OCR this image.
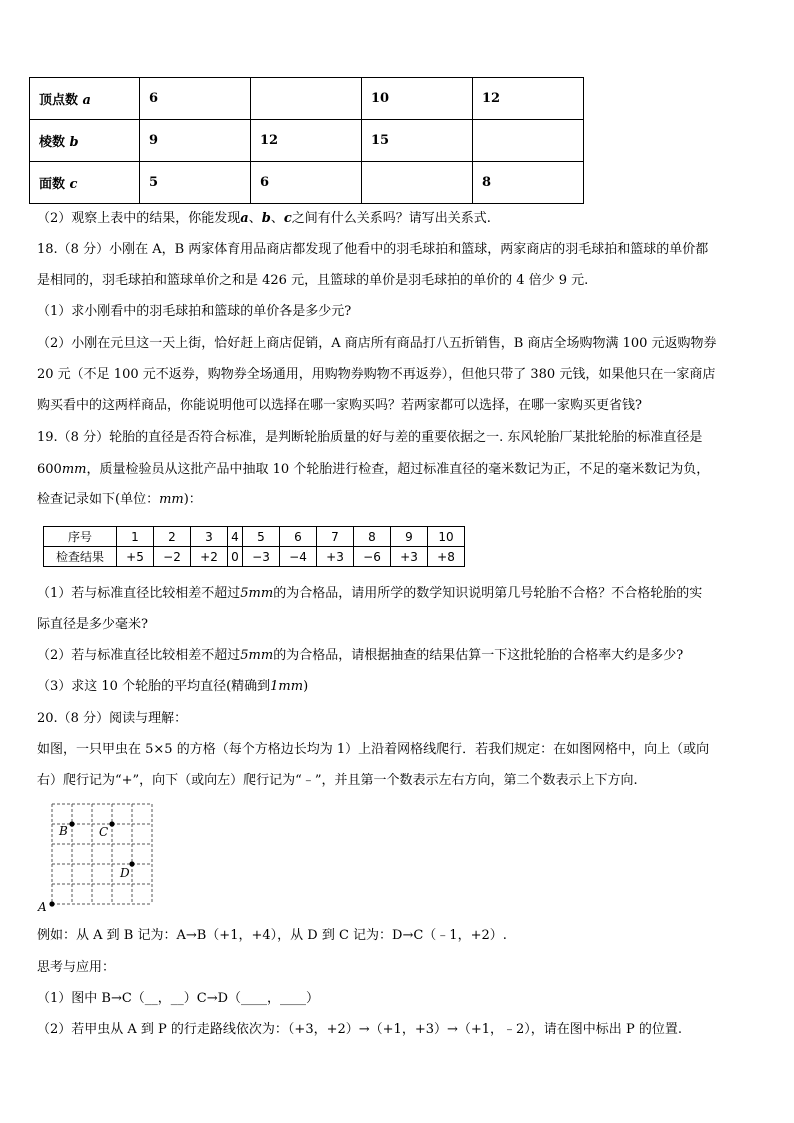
顶点数 a	6		10	12
棱数 b	9	12	15	
面数 c	5	6		8
（2）观察上表中的结果，你能发现a、b、c之间有什么关系吗？请写出关系式.
18.（8 分）小刚在 A，B 两家体育用品商店都发现了他看中的羽毛球拍和篮球，两家商店的羽毛球拍和篮球的单价都
是相同的，羽毛球拍和篮球单价之和是 426 元，且篮球的单价是羽毛球拍的单价的 4 倍少 9 元.
（1）求小刚看中的羽毛球拍和篮球的单价各是多少元?
（2）小刚在元旦这一天上街，恰好赶上商店促销，A 商店所有商品打八五折销售，B 商店全场购物满 100 元返购物券
20 元（不足 100 元不返券，购物券全场通用，用购物券购物不再返券），但他只带了 380 元钱，如果他只在一家商店
购买看中的这两样商品，你能说明他可以选择在哪一家购买吗？若两家都可以选择，在哪一家购买更省钱?
19.（8 分）轮胎的直径是否符合标准，是判断轮胎质量的好与差的重要依据之一. 东风轮胎厂某批轮胎的标准直径是
600mm，质量检验员从这批产品中抽取 10 个轮胎进行检查，超过标准直径的毫米数记为正，不足的毫米数记为负，
检查记录如下(单位：mm)：
序号	1	2	3	4	5	6	7	8	9	10
检查结果	+5	−2	+2	0	−3	−4	+3	−6	+3	+8
（1）若与标准直径比较相差不超过5mm的为合格品，请用所学的数学知识说明第几号轮胎不合格？不合格轮胎的实
际直径是多少毫米?
（2）若与标准直径比较相差不超过5mm的为合格品，请根据抽查的结果估算一下这批轮胎的合格率大约是多少?
（3）求这 10 个轮胎的平均直径(精确到1mm)
20.（8 分）阅读与理解：
如图，一只甲虫在 5×5 的方格（每个方格边长均为 1）上沿着网格线爬行．若我们规定：在如图网格中，向上（或向
右）爬行记为“+”，向下（或向左）爬行记为“﹣”，并且第一个数表示左右方向，第二个数表示上下方向.
A
B	C
D
例如：从 A 到 B 记为：A→B（+1，+4），从 D 到 C 记为：D→C（﹣1，+2）.
思考与应用：
（1）图中 B→C（__，__）C→D（____，____）
（2）若甲虫从 A 到 P 的行走路线依次为：（+3，+2）→（+1，+3）→（+1，﹣2），请在图中标出 P 的位置.
